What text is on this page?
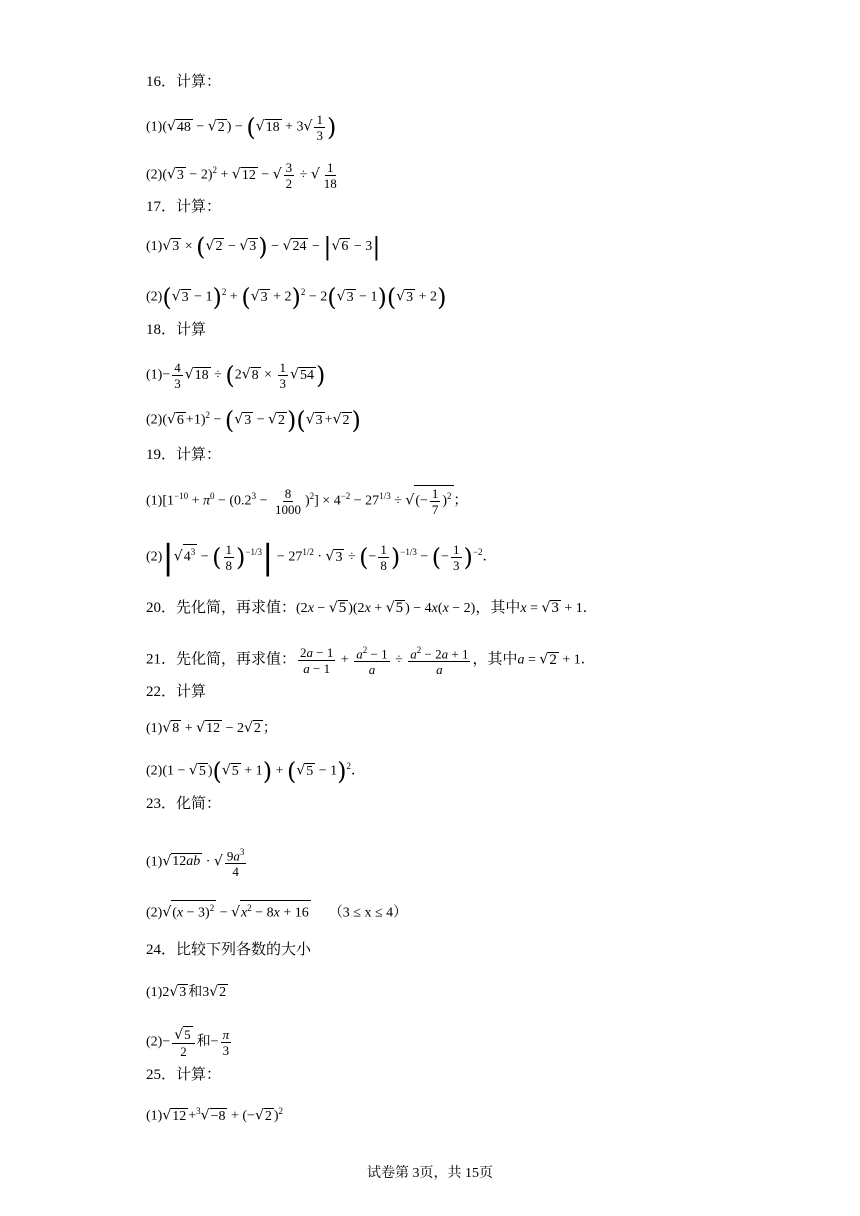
16．计算：
(1)(√48 − √2 ) − ($√18 + 3√ \frac{1}{3}$ )
$(2)(√3 - 2)^2 + √12$ − √ $\frac{3}{2}$ ÷ √ $\frac{1}{18}$
17．计算：
(1)√3 × (√2 − √3) − √24 − |√6 − 3|
$(2)(√3 - 1)^2 + (√3 + 2)^2 - 2(√3 - 1)(√3 + 2)$
18．计算
$(1)- \frac{4}{3} √18 \div (2√8 \times \frac{1}{3} √54)$
$(2)(√6 +1)^2 - (√3 - √2)(√3 +√2)$
19．计算：
$(1)[1^{-10} + \pi^0 - (0.2^3 - \frac{8}{1000} )^2] \times 4^{-2} - 27^{1/3}$ ÷ √(− $\frac{1}{7} )^2$ ；
$(2)|√4^3$ − ( $\frac{1}{8} )^{-1/3}| - 27^{1/2} \cdot √3$ ÷ (− $\frac{1}{8} )^{-1/3}$ − (− $\frac{1}{3} )^{-2}$．
20．先化简，再求值：(2x − √5 )(2x + √5 ) − 4x(x − 2)，其中x = √3 + 1．
21．先化简，再求值： $\frac{2a - 1}{a - 1} + \frac{a^2 - 1}{a} \div \frac{a^2 - 2a + 1}{a}$ ，其中a = √2 + 1．
22．计算
(1)√8 + √12 − 2√2 ；
(2)(1 − √5 )$(√5 + 1) + (√5 - 1)^2$．
23．化简：
(1)√12ab · √ $\frac{9a^3}{4}$
$(2)√(x - 3)^2 - √x^2 - 8x + 16$ （3 ≤ x ≤ 4）
24．比较下列各数的大小
(1)2√3 和3√2
$(2)- \frac{√5}{2}$ 和− $\frac{\pi}{3}$
25．计算：
(1)√12 +$^3$√−8 + (−√2 )$^2$
试卷第 3页，共 15页
